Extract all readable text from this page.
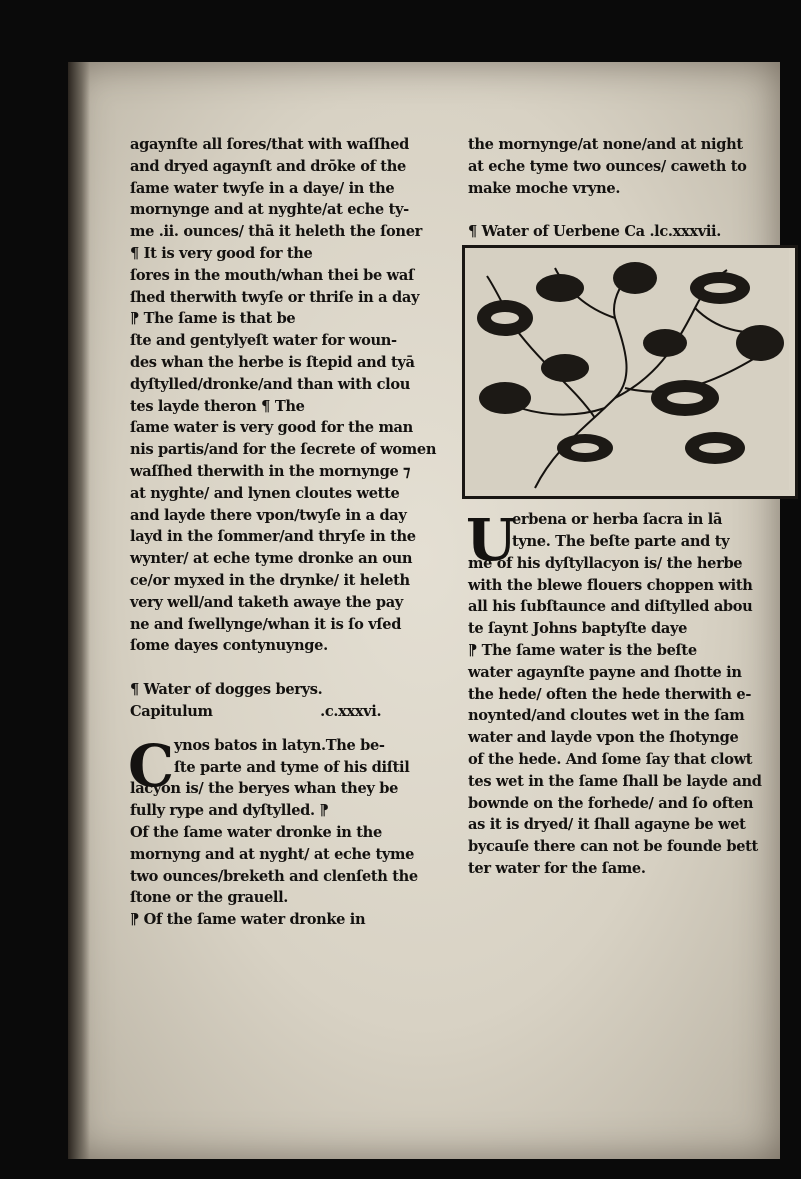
agaynſte all ſores/that with waſſhed
and dryed agaynſt and drōke of the
ſame water twyſe in a daye/ in the
mornynge and at nyghte/at eche ty-
me .ii. ounces/ thā it heleth the ſoner
¶ It is very good for the
ſores in the mouth/whan thei be waſ
ſhed therwith twyſe or thriſe in a day
⁋ The ſame is that be
ſte and gentylyeſt water for woun-
des whan the herbe is ſtepid and tyā
dyſtylled/dronke/and than with clou
tes layde theron ¶ The
ſame water is very good for the man
nis partis/and for the ſecrete of women
waſſhed therwith in the mornynge ⁊
at nyghte/ and lynen cloutes wette
and layde there vpon/twyſe in a day
layd in the ſommer/and thryſe in the
wynter/ at eche tyme dronke an oun
ce/or myxed in the drynke/ it heleth
very well/and taketh awaye the pay
ne and ſwellynge/whan it is ſo vſed
ſome dayes contynuynge.
¶ Water of dogges berys.
Capitulum	.c.xxxvi.
C ynos batos in latyn.The be-
ſte parte and tyme of his diſtil
lacyon is/ the beryes whan they be
fully rype and dyſtylled. ⁋
Of the ſame water dronke in the
mornyng and at nyght/ at eche tyme
two ounces/breketh and clenſeth the
ſtone or the grauell.
⁋ Of the ſame water dronke in
the mornynge/at none/and at night
at eche tyme two ounces/ caweth to
make moche vryne.
¶ Water of Uerbene Ca .lc.xxxvii.
U
erbena or herba ſacra in lā
tyne. The beſte parte and ty
me of his dyſtyllacyon is/ the herbe
with the blewe flouers choppen with
all his ſubſtaunce and diſtylled abou
te ſaynt Johns baptyſte daye
⁋ The ſame water is the beſte
water agaynſte payne and ſhotte in
the hede/ often the hede therwith e-
noynted/and cloutes wet in the ſam
water and layde vpon the ſhotynge
of the hede. And ſome ſay that clowt
tes wet in the ſame ſhall be layde and
bownde on the forhede/ and ſo often
as it is dryed/ it ſhall agayne be wet
bycauſe there can not be founde bett
ter water for the ſame.
